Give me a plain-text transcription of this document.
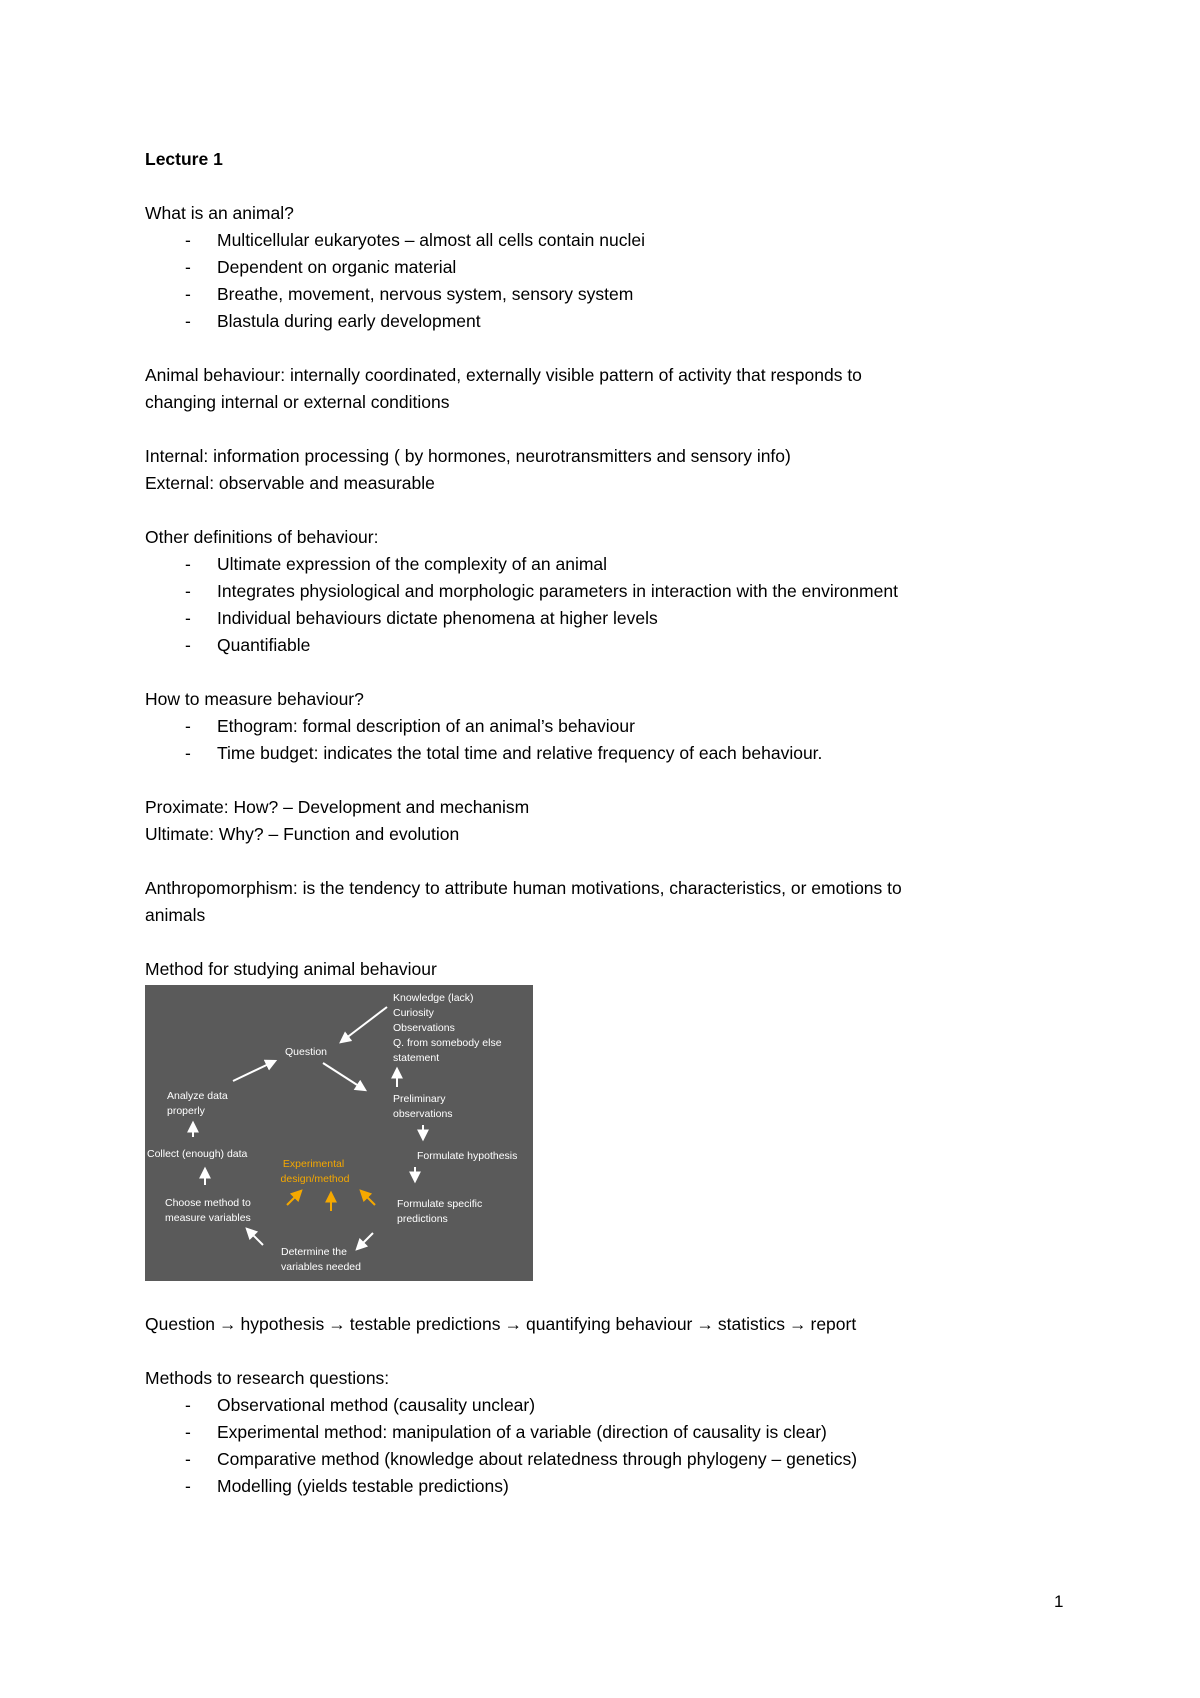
Lecture 1
What is an animal?
- Multicellular eukaryotes – almost all cells contain nuclei
- Dependent on organic material
- Breathe, movement, nervous system, sensory system
- Blastula during early development
Animal behaviour: internally coordinated, externally visible pattern of activity that responds to
changing internal or external conditions
Internal: information processing ( by hormones, neurotransmitters and sensory info)
External: observable and measurable
Other definitions of behaviour:
- Ultimate expression of the complexity of an animal
- Integrates physiological and morphologic parameters in interaction with the environment
- Individual behaviours dictate phenomena at higher levels
- Quantifiable
How to measure behaviour?
- Ethogram: formal description of an animal’s behaviour
- Time budget: indicates the total time and relative frequency of each behaviour.
Proximate: How? – Development and mechanism
Ultimate: Why? – Function and evolution
Anthropomorphism: is the tendency to attribute human motivations, characteristics, or emotions to
animals
Method for studying animal behaviour
Question
Knowledge (lack) Curiosity Observations Q. from somebody else statement
Preliminary observations
Formulate hypothesis
Formulate specific predictions
Determine the variables needed
Choose method to measure variables
Collect (enough) data
Analyze data properly
Experimental design/method
Question → hypothesis → testable predictions → quantifying behaviour → statistics → report
Methods to research questions:
- Observational method (causality unclear)
- Experimental method: manipulation of a variable (direction of causality is clear)
- Comparative method (knowledge about relatedness through phylogeny – genetics)
- Modelling (yields testable predictions)
1
